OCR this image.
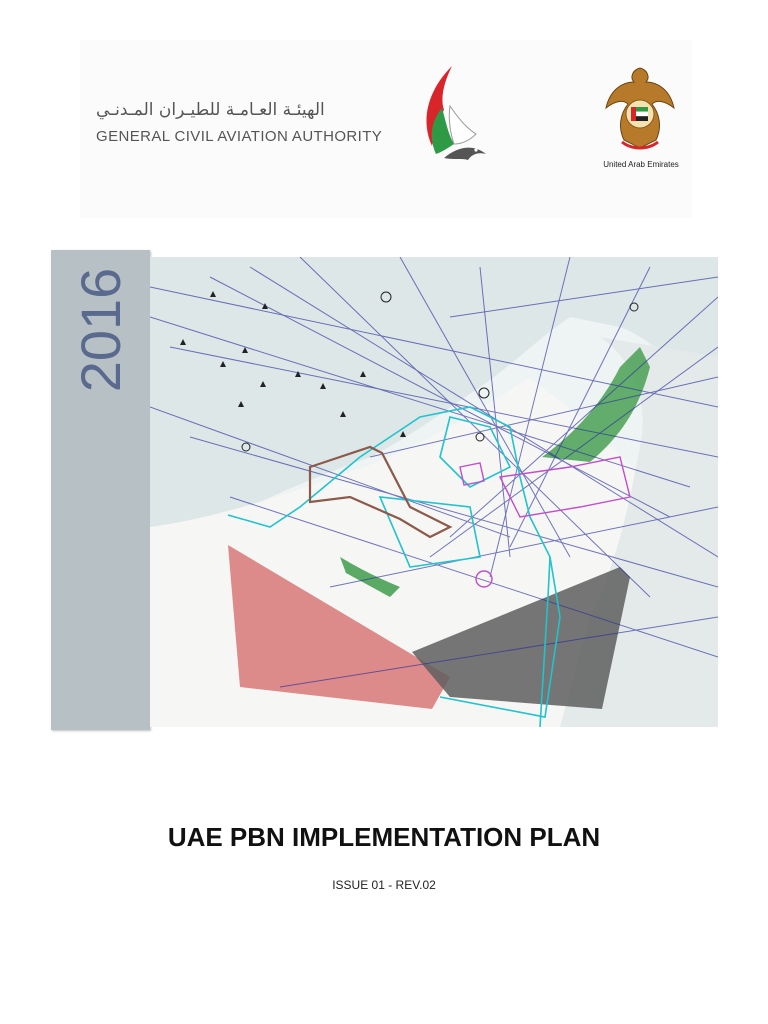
الهيئـة العـامـة للطيـران المـدنـي
GENERAL CIVIL AVIATION AUTHORITY
United Arab Emirates
2016
UAE PBN IMPLEMENTATION PLAN
ISSUE 01 - REV.02
